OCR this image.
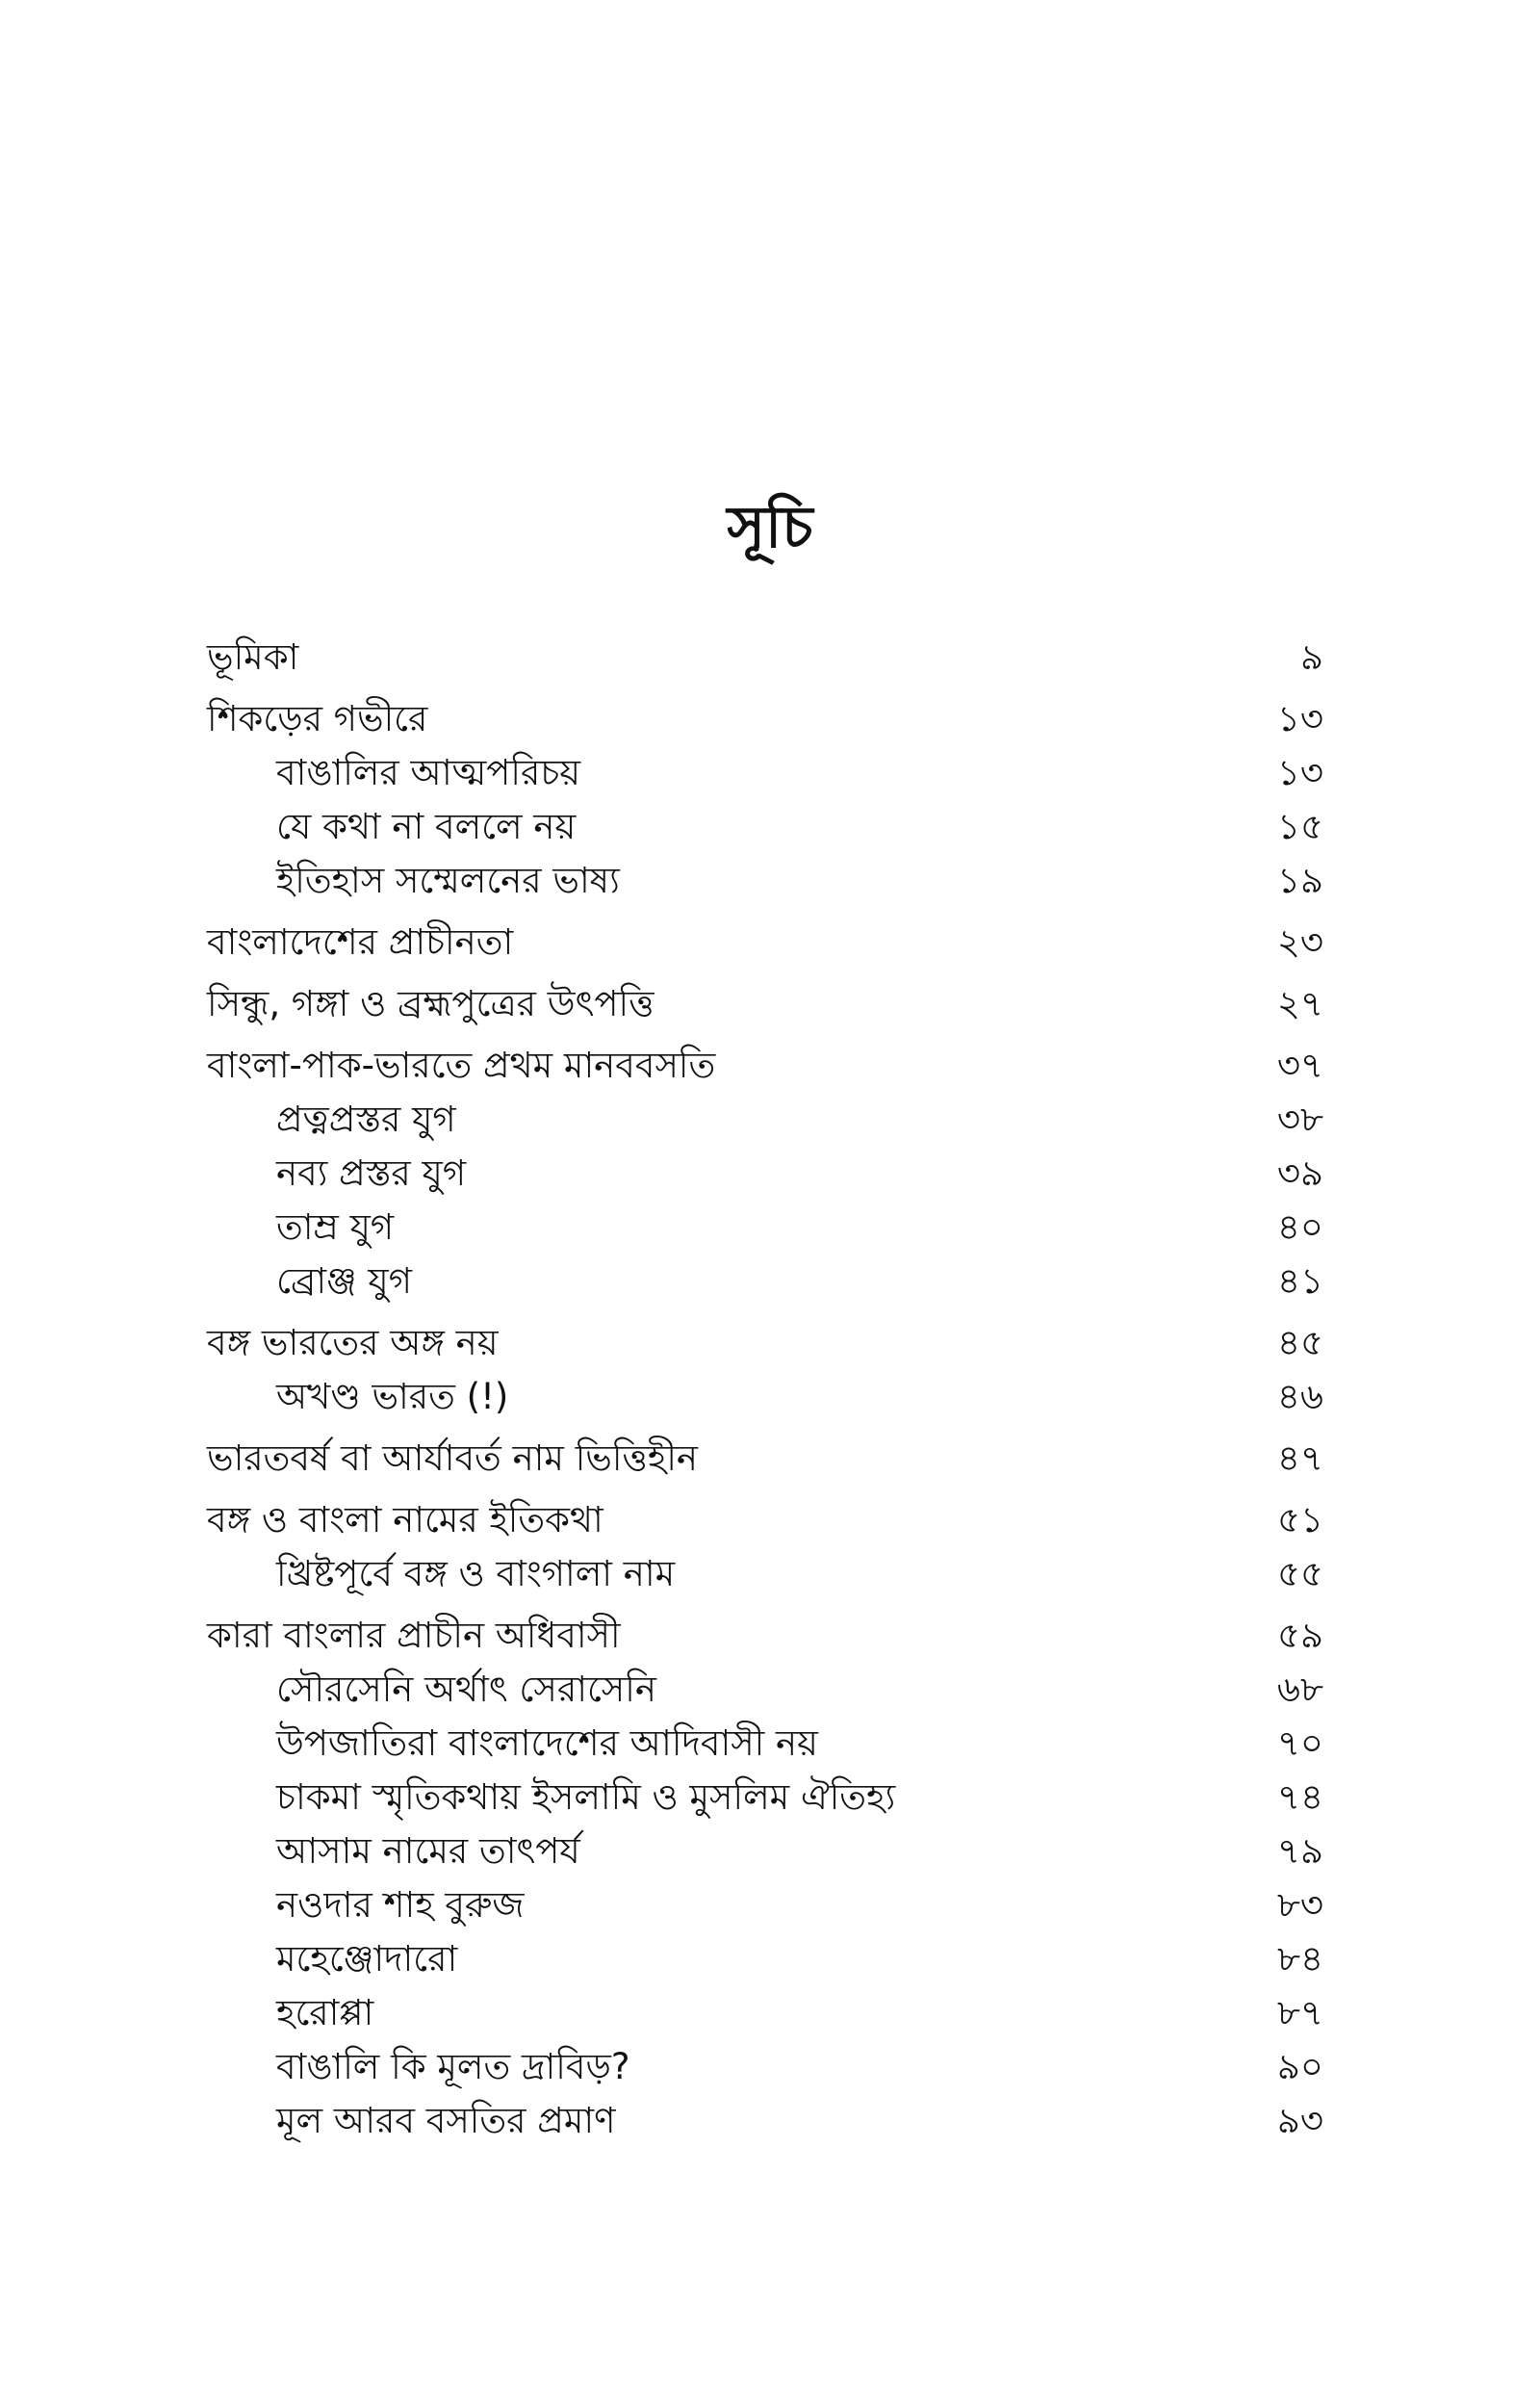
সূচি
ভূমিকা	৯
শিকড়ের গভীরে	১৩
বাঙালির আত্মপরিচয়	১৩
যে কথা না বললে নয়	১৫
ইতিহাস সম্মেলনের ভাষ্য	১৯
বাংলাদেশের প্রাচীনতা	২৩
সিন্ধু, গঙ্গা ও ব্রহ্মপুত্রের উৎপত্তি	২৭
বাংলা-পাক-ভারতে প্রথম মানববসতি	৩৭
প্রত্নপ্রস্তর যুগ	৩৮
নব্য প্রস্তর যুগ	৩৯
তাম্র যুগ	৪০
ব্রোঞ্জ যুগ	৪১
বঙ্গ ভারতের অঙ্গ নয়	৪৫
অখণ্ড ভারত (!)	৪৬
ভারতবর্ষ বা আর্যাবর্ত নাম ভিত্তিহীন	৪৭
বঙ্গ ও বাংলা নামের ইতিকথা	৫১
খ্রিষ্টপূর্বে বঙ্গ ও বাংগালা নাম	৫৫
কারা বাংলার প্রাচীন অধিবাসী	৫৯
সৌরসেনি অর্থাৎ সেরাসেনি	৬৮
উপজাতিরা বাংলাদেশের আদিবাসী নয়	৭০
চাকমা স্মৃতিকথায় ইসলামি ও মুসলিম ঐতিহ্য	৭৪
আসাম নামের তাৎপর্য	৭৯
নওদার শাহ বুরুজ	৮৩
মহেঞ্জোদারো	৮৪
হরোপ্পা	৮৭
বাঙালি কি মূলত দ্রাবিড়?	৯০
মূল আরব বসতির প্রমাণ	৯৩
